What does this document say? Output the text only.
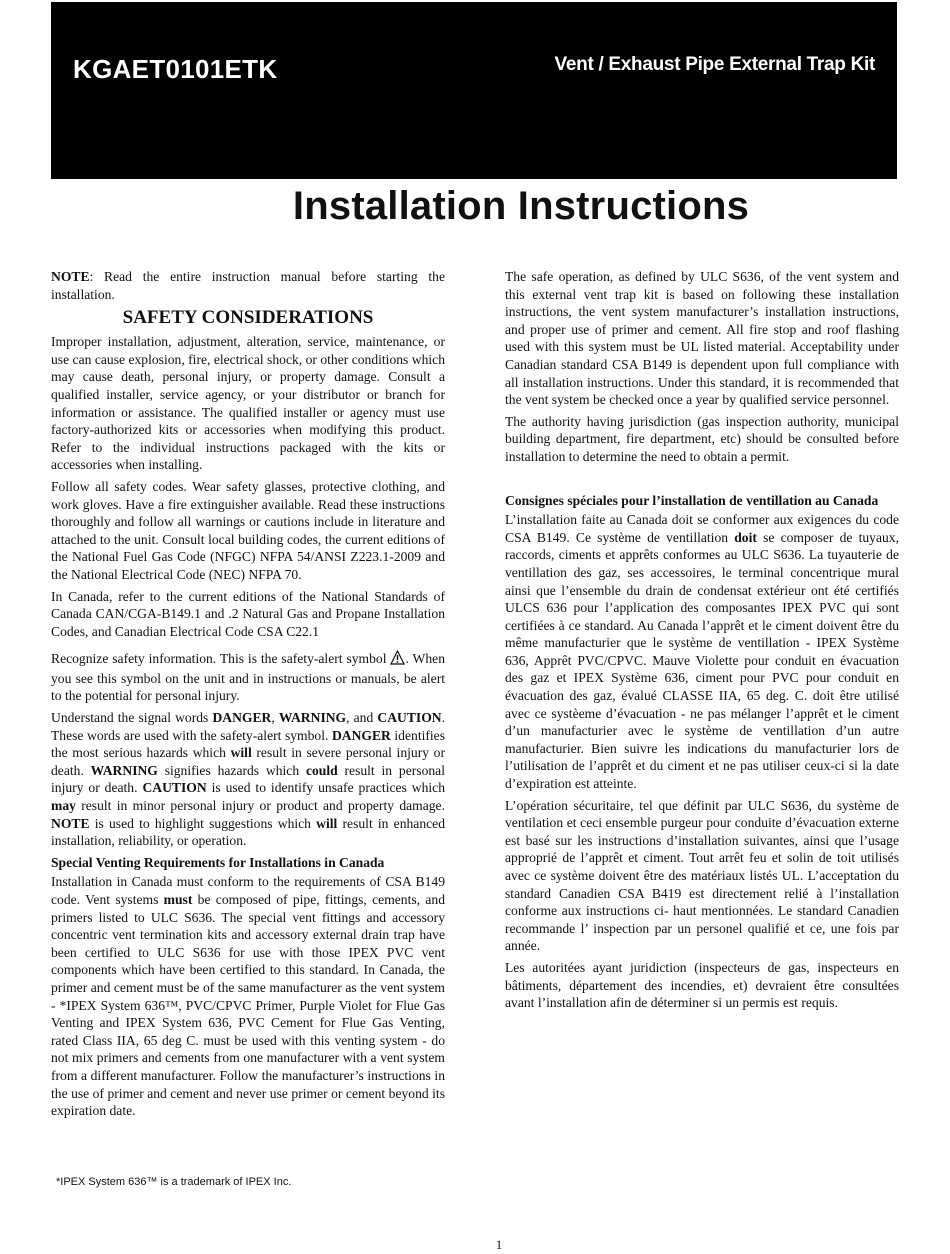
KGAET0101ETK	Vent / Exhaust Pipe External Trap Kit
Installation Instructions

NOTE: Read the entire instruction manual before starting the installation.

SAFETY CONSIDERATIONS

Improper installation, adjustment, alteration, service, maintenance, or use can cause explosion, fire, electrical shock, or other conditions which may cause death, personal injury, or property damage. Consult a qualified installer, service agency, or your distributor or branch for information or assistance. The qualified installer or agency must use factory-authorized kits or accessories when modifying this product. Refer to the individual instructions packaged with the kits or accessories when installing.

Follow all safety codes. Wear safety glasses, protective clothing, and work gloves. Have a fire extinguisher available. Read these instructions thoroughly and follow all warnings or cautions include in literature and attached to the unit. Consult local building codes, the current editions of the National Fuel Gas Code (NFGC) NFPA 54/ANSI Z223.1-2009 and the National Electrical Code (NEC) NFPA 70.

In Canada, refer to the current editions of the National Standards of Canada CAN/CGA-B149.1 and .2 Natural Gas and Propane Installation Codes, and Canadian Electrical Code CSA C22.1

Recognize safety information. This is the safety-alert symbol . When you see this symbol on the unit and in instructions or manuals, be alert to the potential for personal injury.

Understand the signal words DANGER, WARNING, and CAUTION. These words are used with the safety-alert symbol. DANGER identifies the most serious hazards which will result in severe personal injury or death. WARNING signifies hazards which could result in personal injury or death. CAUTION is used to identify unsafe practices which may result in minor personal injury or product and property damage. NOTE is used to highlight suggestions which will result in enhanced installation, reliability, or operation.

Special Venting Requirements for Installations in Canada

Installation in Canada must conform to the requirements of CSA B149 code. Vent systems must be composed of pipe, fittings, cements, and primers listed to ULC S636. The special vent fittings and accessory concentric vent termination kits and accessory external drain trap have been certified to ULC S636 for use with those IPEX PVC vent components which have been certified to this standard. In Canada, the primer and cement must be of the same manufacturer as the vent system - *IPEX System 636™, PVC/CPVC Primer, Purple Violet for Flue Gas Venting and IPEX System 636, PVC Cement for Flue Gas Venting, rated Class IIA, 65 deg C. must be used with this venting system - do not mix primers and cements from one manufacturer with a vent system from a different manufacturer. Follow the manufacturer’s instructions in the use of primer and cement and never use primer or cement beyond its expiration date.

The safe operation, as defined by ULC S636, of the vent system and this external vent trap kit is based on following these installation instructions, the vent system manufacturer’s installation instructions, and proper use of primer and cement. All fire stop and roof flashing used with this system must be UL listed material. Acceptability under Canadian standard CSA B149 is dependent upon full compliance with all installation instructions. Under this standard, it is recommended that the vent system be checked once a year by qualified service personnel.

The authority having jurisdiction (gas inspection authority, municipal building department, fire department, etc) should be consulted before installation to determine the need to obtain a permit.

Consignes spéciales pour l’installation de ventillation au Canada

L’installation faite au Canada doit se conformer aux exigences du code CSA B149. Ce système de ventillation doit se composer de tuyaux, raccords, ciments et apprêts conformes au ULC S636. La tuyauterie de ventillation des gaz, ses accessoires, le terminal concentrique mural ainsi que l’ensemble du drain de condensat extérieur ont été certifiés ULCS 636 pour l’application des composantes IPEX PVC qui sont certifiées à ce standard. Au Canada l’apprêt et le ciment doivent être du même manufacturier que le système de ventillation - IPEX Système 636, Apprêt PVC/CPVC. Mauve Violette pour conduit en évacuation des gaz et IPEX Système 636, ciment pour PVC pour conduit en évacuation des gaz, évalué CLASSE IIA, 65 deg. C. doit être utilisé avec ce systèeme d’évacuation - ne pas mélanger l’apprêt et le ciment d’un manufacturier avec le système de ventillation d’un autre manufacturier. Bien suivre les indications du manufacturier lors de l’utilisation de l’apprêt et du ciment et ne pas utiliser ceux-ci si la date d’expiration est atteinte.

L’opération sécuritaire, tel que définit par ULC S636, du système de ventilation et ceci ensemble purgeur pour conduite d’évacuation externe est basé sur les instructions d’installation suivantes, ainsi que l’usage approprié de l’apprêt et ciment. Tout arrêt feu et solin de toit utilisés avec ce système doivent être des matériaux listés UL. L’acceptation du standard Canadien CSA B419 est directement relié à l’installation conforme aux instructions ci- haut mentionnées. Le standard Canadien recommande l’ inspection par un personel qualifié et ce, une fois par année.

Les autoritées ayant juridiction (inspecteurs de gas, inspecteurs en bâtiments, département des incendies, et) devraient être consultées avant l’installation afin de déterminer si un permis est requis.

*IPEX System 636™ is a trademark of IPEX Inc.
1
